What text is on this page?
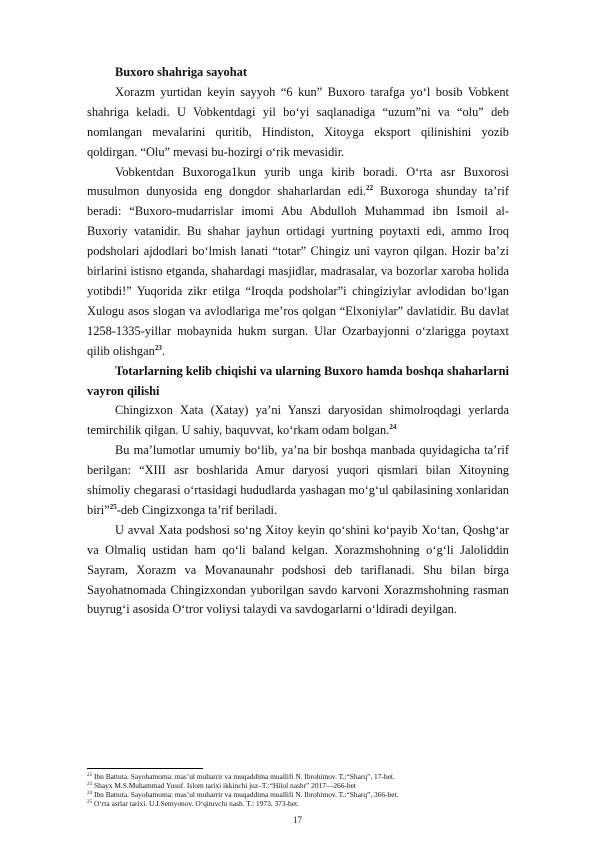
Buxoro shahriga sayohat

Xorazm yurtidan keyin sayyoh “6 kun” Buxoro tarafga yo‘l bosib Vobkent shahriga keladi. U Vobkentdagi yil bo‘yi saqlanadiga “uzum”ni va “olu” deb nomlangan mevalarini quritib, Hindiston, Xitoyga eksport qilinishini yozib qoldirgan. “Olu” mevasi bu-hozirgi o‘rik mevasidir.

Vobkentdan Buxoroga1kun yurib unga kirib boradi. O‘rta asr Buxorosi musulmon dunyosida eng dongdor shaharlardan edi.$^{22}$ Buxoroga shunday ta’rif beradi: “Buxoro-mudarrislar imomi Abu Abdulloh Muhammad ibn Ismoil al-Buxoriy vatanidir. Bu shahar jayhun ortidagi yurtning poytaxti edi, ammo Iroq podsholari ajdodlari bo‘lmish lanati “totar” Chingiz uni vayron qilgan. Hozir ba’zi birlarini istisno etganda, shahardagi masjidlar, madrasalar, va bozorlar xaroba holida yotibdi!” Yuqorida zikr etilga “Iroqda podsholar”i chingiziylar avlodidan bo‘lgan Xulogu asos slogan va avlodlariga me’ros qolgan “Elxoniylar” davlatidir. Bu davlat 1258-1335-yillar mobaynida hukm surgan. Ular Ozarbayjonni o‘zlarigga poytaxt qilib olishgan$^{23}$.

Totarlarning kelib chiqishi va ularning Buxoro hamda boshqa shaharlarni vayron qilishi

Chingizxon Xata (Xatay) ya’ni Yanszi daryosidan shimolroqdagi yerlarda temirchilik qilgan. U sahiy, baquvvat, ko‘rkam odam bolgan.$^{24}$

Bu ma’lumotlar umumiy bo‘lib, ya’na bir boshqa manbada quyidagicha ta’rif berilgan: “XIII asr boshlarida Amur daryosi yuqori qismlari bilan Xitoyning shimoliy chegarasi o‘rtasidagi hududlarda yashagan mo‘g‘ul qabilasining xonlaridan biri”$^{25}$-deb Cingizxonga ta’rif beriladi.

U avval Xata podshosi so‘ng Xitoy keyin qo‘shini ko‘payib Xo‘tan, Qoshg‘ar va Olmaliq ustidan ham qo‘li baland kelgan. Xorazmshohning o‘g‘li Jaloliddin Sayram, Xorazm va Movanaunahr podshosi deb tariflanadi. Shu bilan birga Sayohatnomada Chingizxondan yuborilgan savdo karvoni Xorazmshohning rasman buyrug‘i asosida O‘tror voliysi talaydi va savdogarlarni o‘ldiradi deyilgan.

$^{22}$ Ibn Battuta. Sayohatnoma: mas’ul muharrir va muqaddima muallifi N. Ibrohimov. T.:“Sharq”, 17-bet.
$^{23}$ Shayx M.S.Muhammad Yusuf. Islom tarixi ikkinchi juz–T.:“Hilol nashr” 2017—266-bet
$^{24}$ Ibn Battuta. Sayohatnoma: mas’ul muharrir va muqaddima muallifi N. Ibrohimov. T.:“Sharq”, 366-bet.
$^{25}$ O‘rta asrlar tarixi. U.I.Semyonov. O‘qituvchi nash. T.: 1973. 373-bet.
17
